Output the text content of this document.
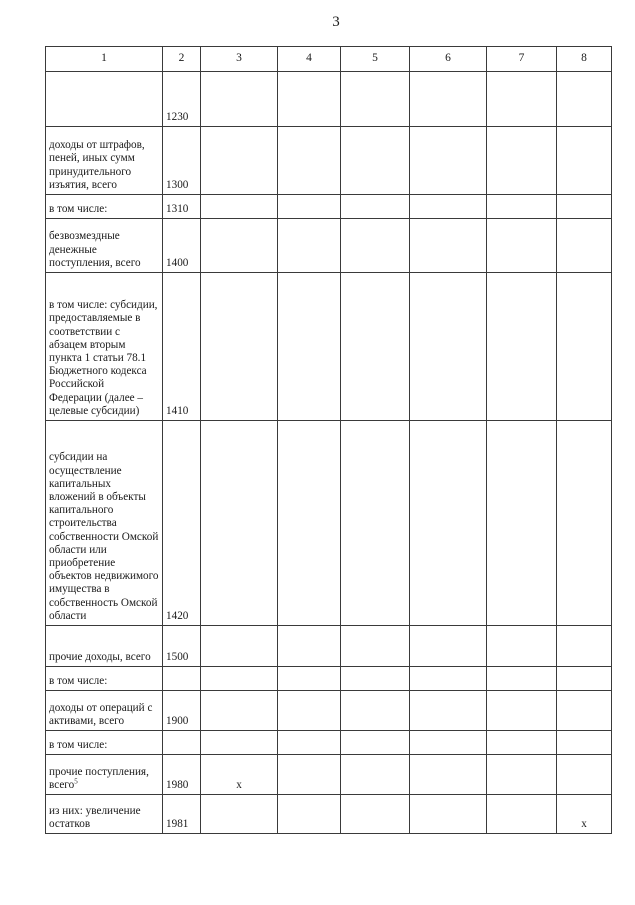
3
1	2	3	4	5	6	7	8
	1230						
доходы от штрафов, пеней, иных сумм принудительного изъятия, всего	1300						
в том числе:	1310						
безвозмездные денежные поступления, всего	1400						
в том числе: субсидии, предоставляемые в соответствии с абзацем вторым пункта 1 статьи 78.1 Бюджетного кодекса Российской Федерации (далее – целевые субсидии)	1410						
субсидии на осуществление капитальных вложений в объекты капитального строительства собственности Омской области или приобретение объектов недвижимого имущества в собственность Омской области	1420						
прочие доходы, всего	1500						
в том числе:							
доходы от операций с активами, всего	1900						
в том числе:							
прочие поступления, всего$^5$	1980	x					
из них: увеличение остатков	1981						x
